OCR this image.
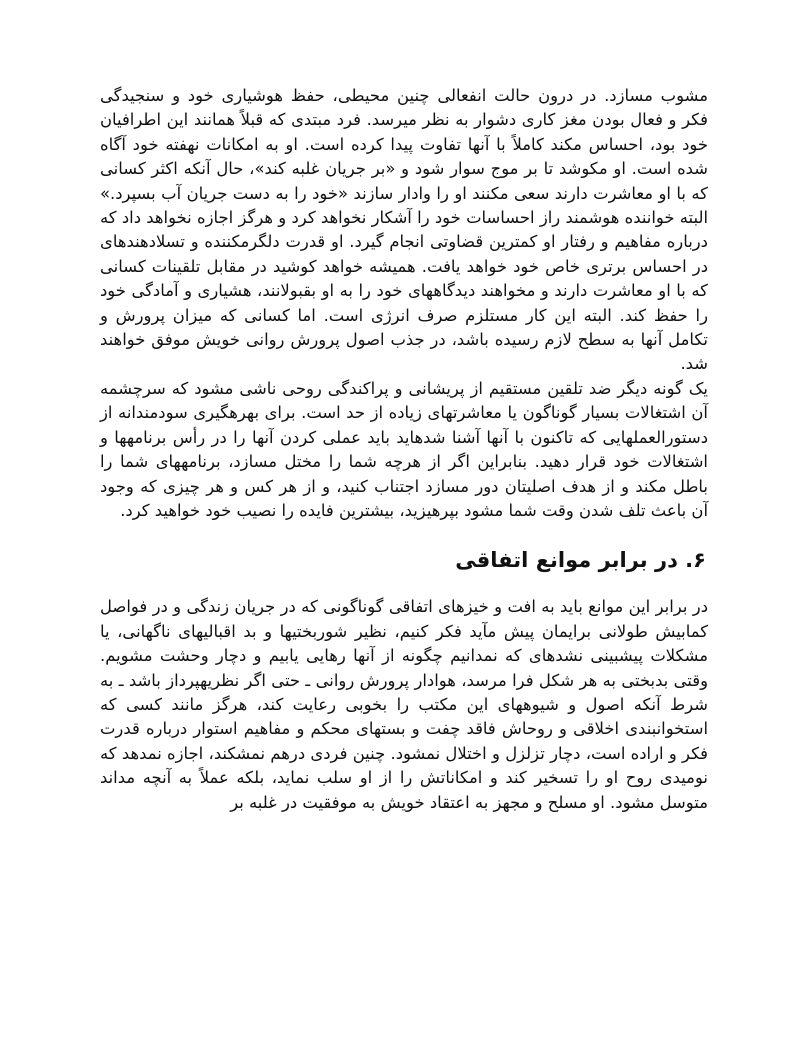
مشوب مسازد. در درون حالت انفعالی چنین محیطی، حفظ هوشیاری خود و سنجیدگی فکر و فعال بودن مغز کاری دشوار به نظر میرسد. فرد مبتدی که قبلاً همانند این اطرافیان خود بود، احساس مکند کاملاً با آنها تفاوت پیدا کرده است. او به امکانات نهفته خود آگاه شده است. او مکوشد تا بر موج سوار شود و «بر جریان غلبه کند»، حال آنکه اکثر کسانی که با او معاشرت دارند سعی مکنند او را وادار سازند «خود را به دست جریان آب بسپرد.» البته خواننده هوشمند راز احساسات خود را آشکار نخواهد کرد و هرگز اجازه نخواهد داد که درباره مفاهیم و رفتار او کمترین قضاوتی انجام گیرد. او قدرت دلگرمکننده و تسلادهندهای در احساس برتری خاص خود خواهد یافت. همیشه خواهد کوشید در مقابل تلقینات کسانی که با او معاشرت دارند و مخواهند دیدگاههای خود را به او بقبولانند، هشیاری و آمادگی خود را حفظ کند. البته این کار مستلزم صرف انرژی است. اما کسانی که میزان پرورش و تکامل آنها به سطح لازم رسیده باشد، در جذب اصول پرورش روانی خویش موفق خواهند شد.

یک گونه دیگر ضد تلقین مستقیم از پریشانی و پراکندگی روحی ناشی مشود که سرچشمه آن اشتغالات بسیار گوناگون یا معاشرتهای زیاده از حد است. برای بهرهگیری سودمندانه از دستورالعملهایی که تاکنون با آنها آشنا شدهاید باید عملی کردن آنها را در رأس برنامهها و اشتغالات خود قرار دهید. بنابراین اگر از هرچه شما را مختل مسازد، برنامههای شما را باطل مکند و از هدف اصلیتان دور مسازد اجتناب کنید، و از هر کس و هر چیزی که وجود آن باعث تلف شدن وقت شما مشود بپرهیزید، بیشترین فایده را نصیب خود خواهید کرد.

۶. در برابر موانع اتفاقی

در برابر این موانع باید به افت و خیزهای اتفاقی گوناگونی که در جریان زندگی و در فواصل کمابیش طولانی برایمان پیش مآید فکر کنیم، نظیر شوربختیها و بد اقبالیهای ناگهانی، یا مشکلات پیشبینی نشدهای که نمدانیم چگونه از آنها رهایی یابیم و دچار وحشت مشویم. وقتی بدبختی به هر شکل فرا مرسد، هوادار پرورش روانی ـ حتی اگر نظریهپرداز باشد ـ به شرط آنکه اصول و شیوههای این مکتب را بخوبی رعایت کند، هرگز مانند کسی که استخوانبندی اخلاقی و روحاش فاقد چفت و بستهای محکم و مفاهیم استوار درباره قدرت فکر و اراده است، دچار تزلزل و اختلال نمشود. چنین فردی درهم نمشکند، اجازه نمدهد که نومیدی روح او را تسخیر کند و امکاناتش را از او سلب نماید، بلکه عملاً به آنچه مداند متوسل مشود. او مسلح و مجهز به اعتقاد خویش به موفقیت در غلبه بر
